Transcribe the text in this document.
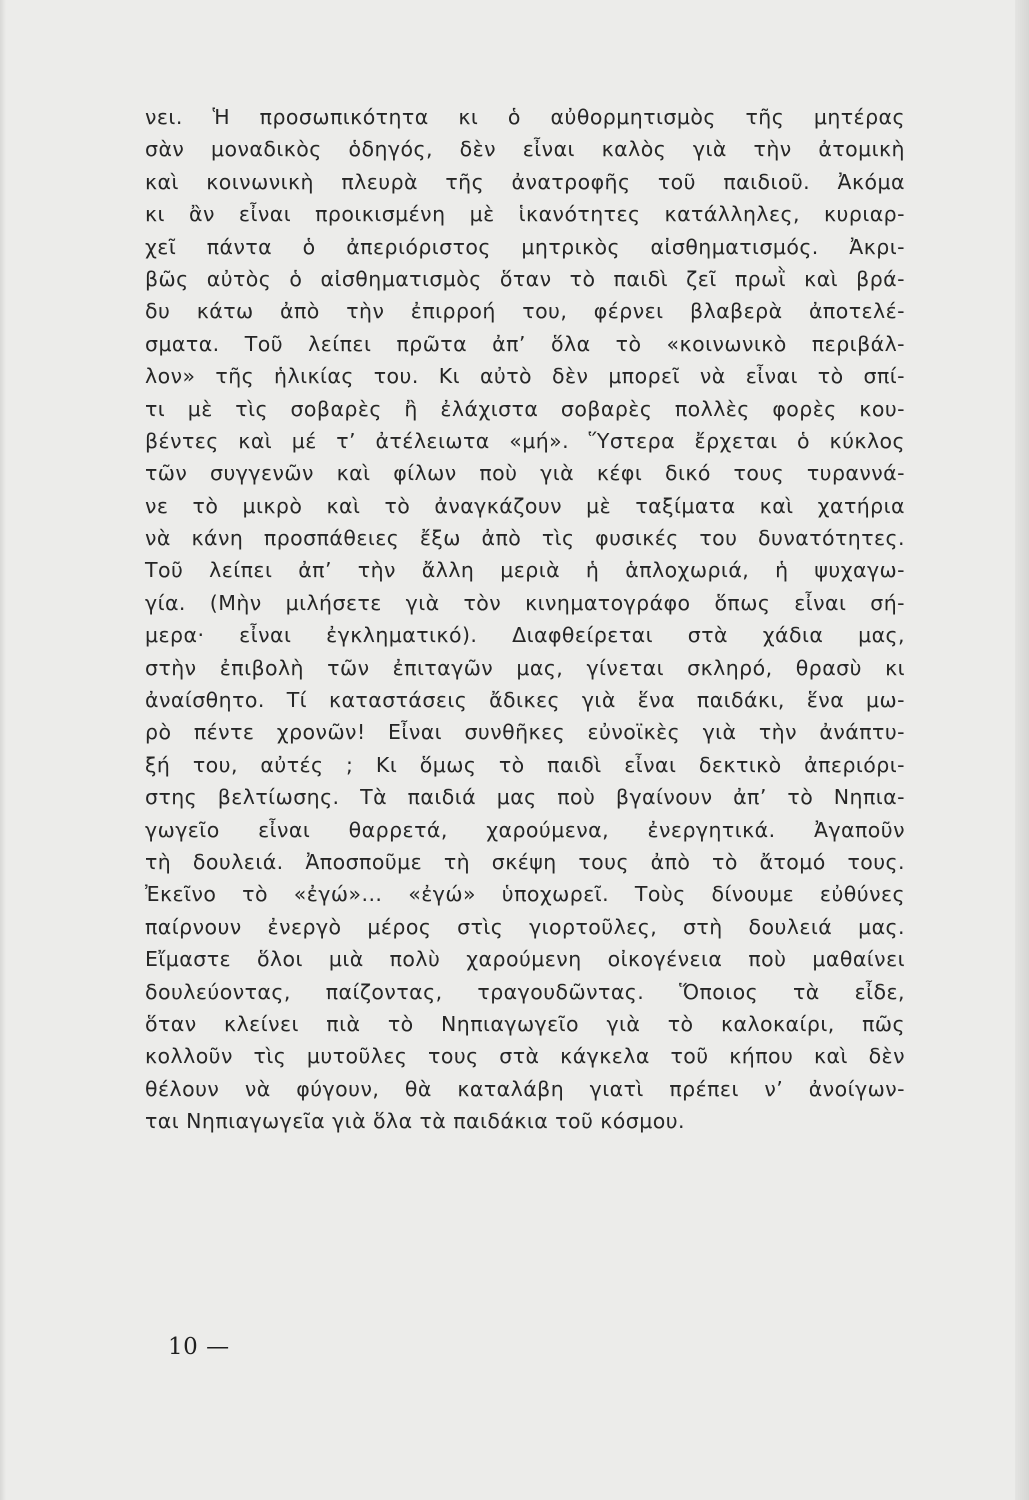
νει. Ἡ προσωπικότητα κι ὁ αὐθορμητισμὸς τῆς μητέρας
σὰν μοναδικὸς ὁδηγός, δὲν εἶναι καλὸς γιὰ τὴν ἀτομικὴ
καὶ κοινωνικὴ πλευρὰ τῆς ἀνατροφῆς τοῦ παιδιοῦ. Ἀκόμα
κι ἂν εἶναι προικισμένη μὲ ἱκανότητες κατάλληλες, κυριαρ-
χεῖ πάντα ὁ ἀπεριόριστος μητρικὸς αἰσθηματισμός. Ἀκρι-
βῶς αὐτὸς ὁ αἰσθηματισμὸς ὅταν τὸ παιδὶ ζεῖ πρωῒ καὶ βρά-
δυ κάτω ἀπὸ τὴν ἐπιρροή του, φέρνει βλαβερὰ ἀποτελέ-
σματα. Τοῦ λείπει πρῶτα ἀπ’ ὅλα τὸ «κοινωνικὸ περιβάλ-
λον» τῆς ἡλικίας του. Κι αὐτὸ δὲν μπορεῖ νὰ εἶναι τὸ σπί-
τι μὲ τὶς σοβαρὲς ἢ ἐλάχιστα σοβαρὲς πολλὲς φορὲς κου-
βέντες καὶ μέ τ’ ἀτέλειωτα «μή». Ὕστερα ἔρχεται ὁ κύκλος
τῶν συγγενῶν καὶ φίλων ποὺ γιὰ κέφι δικό τους τυραννά-
νε τὸ μικρὸ καὶ τὸ ἀναγκάζουν μὲ ταξίματα καὶ χατήρια
νὰ κάνη προσπάθειες ἔξω ἀπὸ τὶς φυσικές του δυνατότητες.
Τοῦ λείπει ἀπ’ τὴν ἄλλη μεριὰ ἡ ἁπλοχωριά, ἡ ψυχαγω-
γία. (Μὴν μιλήσετε γιὰ τὸν κινηματογράφο ὅπως εἶναι σή-
μερα· εἶναι ἐγκληματικό). Διαφθείρεται στὰ χάδια μας,
στὴν ἐπιβολὴ τῶν ἐπιταγῶν μας, γίνεται σκληρό, θρασὺ κι
ἀναίσθητο. Τί καταστάσεις ἄδικες γιὰ ἕνα παιδάκι, ἕνα μω-
ρὸ πέντε χρονῶν! Εἶναι συνθῆκες εὐνοϊκὲς γιὰ τὴν ἀνάπτυ-
ξή του, αὐτές ; Κι ὅμως τὸ παιδὶ εἶναι δεκτικὸ ἀπεριόρι-
στης βελτίωσης. Τὰ παιδιά μας ποὺ βγαίνουν ἀπ’ τὸ Νηπια-
γωγεῖο εἶναι θαρρετά, χαρούμενα, ἐνεργητικά. Ἀγαποῦν
τὴ δουλειά. Ἀποσποῦμε τὴ σκέψη τους ἀπὸ τὸ ἄτομό τους.
Ἐκεῖνο τὸ «ἐγώ»... «ἐγώ» ὑποχωρεῖ. Τοὺς δίνουμε εὐθύνες
παίρνουν ἐνεργὸ μέρος στὶς γιορτοῦλες, στὴ δουλειά μας.
Εἴμαστε ὅλοι μιὰ πολὺ χαρούμενη οἰκογένεια ποὺ μαθαίνει
δουλεύοντας, παίζοντας, τραγουδῶντας. Ὅποιος τὰ εἶδε,
ὅταν κλείνει πιὰ τὸ Νηπιαγωγεῖο γιὰ τὸ καλοκαίρι, πῶς
κολλοῦν τὶς μυτοῦλες τους στὰ κάγκελα τοῦ κήπου καὶ δὲν
θέλουν νὰ φύγουν, θὰ καταλάβη γιατὶ πρέπει ν’ ἀνοίγων-
ται Νηπιαγωγεῖα γιὰ ὅλα τὰ παιδάκια τοῦ κόσμου.
10 —
